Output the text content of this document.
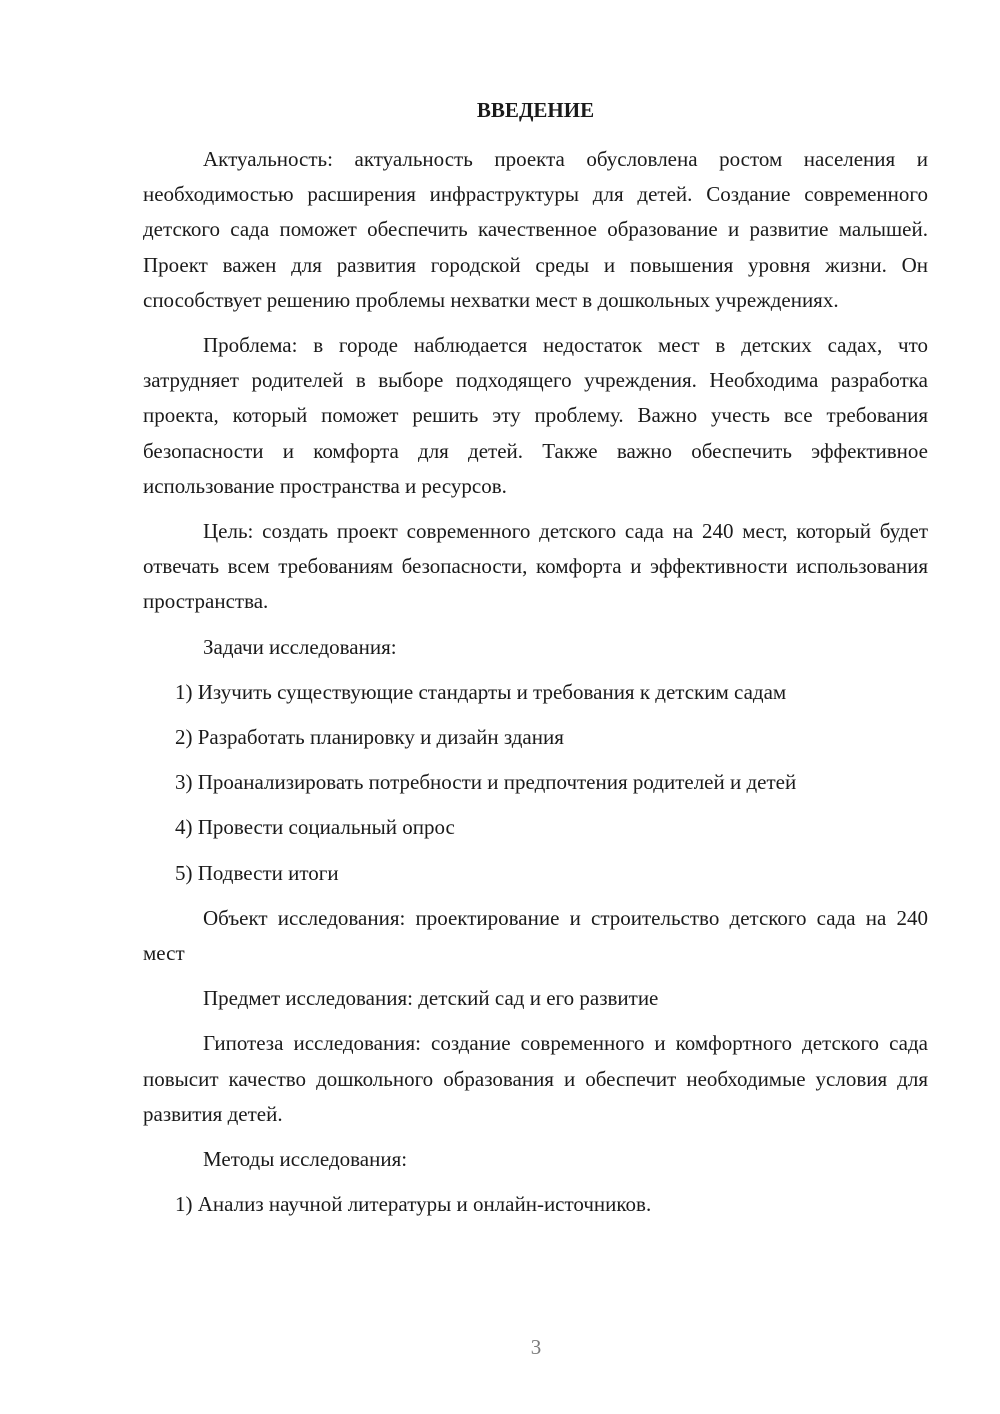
ВВЕДЕНИЕ

Актуальность: актуальность проекта обусловлена ростом населения и необходимостью расширения инфраструктуры для детей. Создание современного детского сада поможет обеспечить качественное образование и развитие малышей. Проект важен для развития городской среды и повышения уровня жизни. Он способствует решению проблемы нехватки мест в дошкольных учреждениях.

Проблема: в городе наблюдается недостаток мест в детских садах, что затрудняет родителей в выборе подходящего учреждения. Необходима разработка проекта, который поможет решить эту проблему. Важно учесть все требования безопасности и комфорта для детей. Также важно обеспечить эффективное использование пространства и ресурсов.

Цель: создать проект современного детского сада на 240 мест, который будет отвечать всем требованиям безопасности, комфорта и эффективности использования пространства.

Задачи исследования:

1) Изучить существующие стандарты и требования к детским садам

2) Разработать планировку и дизайн здания

3) Проанализировать потребности и предпочтения родителей и детей

4) Провести социальный опрос

5) Подвести итоги

Объект исследования: проектирование и строительство детского сада на 240 мест

Предмет исследования: детский сад и его развитие

Гипотеза исследования: создание современного и комфортного детского сада повысит качество дошкольного образования и обеспечит необходимые условия для развития детей.

Методы исследования:

1) Анализ научной литературы и онлайн-источников.

3
